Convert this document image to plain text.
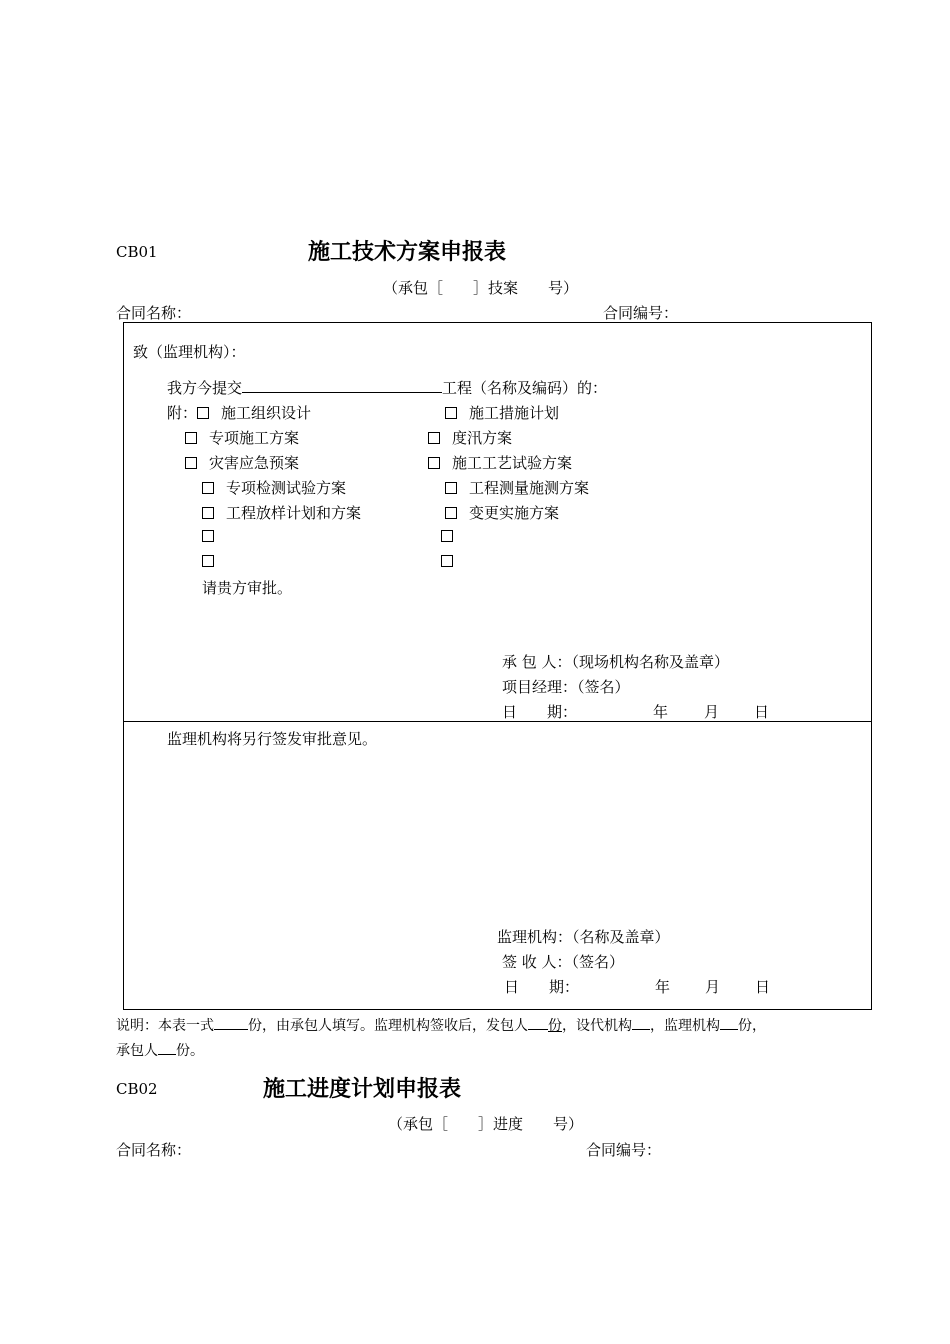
CB01	施工技术方案申报表
（承包［　　］技案　　号）
合同名称：	合同编号：
致（监理机构）：
我方今提交	工程（名称及编码）的：
附： 施工组织设计	施工措施计划
专项施工方案	度汛方案
灾害应急预案	施工工艺试验方案
专项检测试验方案	工程测量施测方案
工程放样计划和方案	变更实施方案
请贵方审批。
承 包 人：（现场机构名称及盖章）
项目经理：（签名）
日　　期：	年 月 日
监理机构将另行签发审批意见。
监理机构：（名称及盖章）
签 收 人：（签名）
日　　期：	年 月 日
说明：本表一式 份，由承包人填写。监理机构签收后，发包人 份，设代机构 ，监理机构 份，
承包人 份。
CB02	施工进度计划申报表
（承包［　　］进度　　号）
合同名称：	合同编号：
